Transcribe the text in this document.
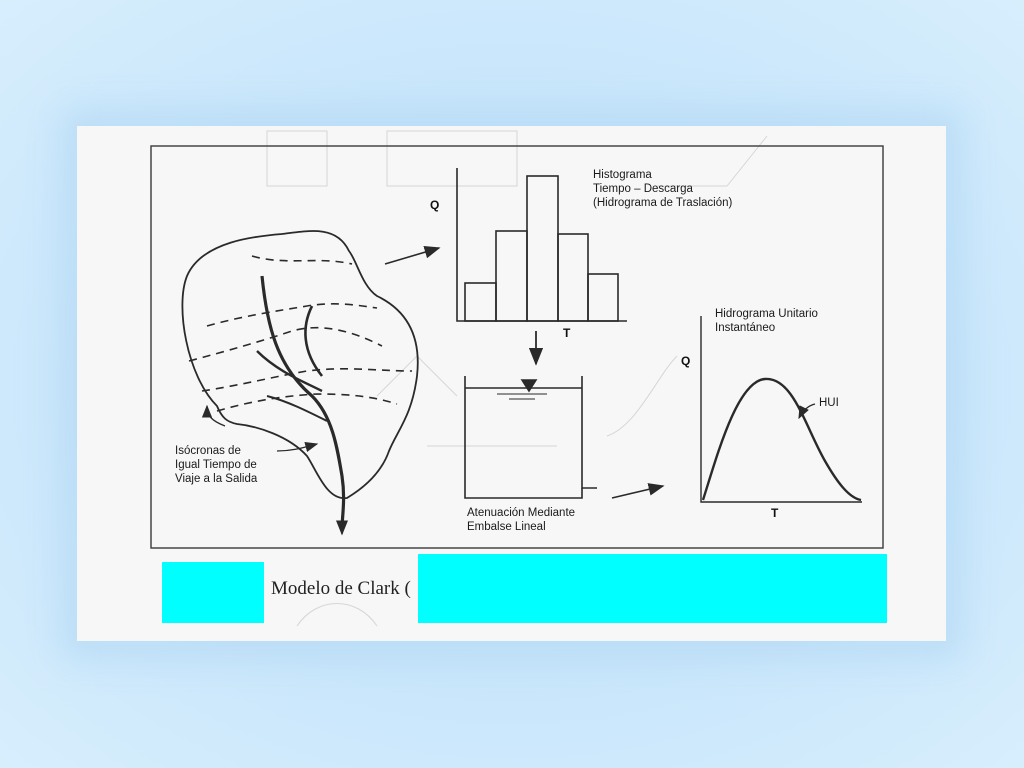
Histograma
Tiempo – Descarga
(Hidrograma de Traslación)
Q
T
Atenuación Mediante
Embalse Lineal
Hidrograma Unitario
Instantáneo
Q
T
HUI
Isócronas de
Igual Tiempo de
Viaje a la Salida
Modelo de Clark (
